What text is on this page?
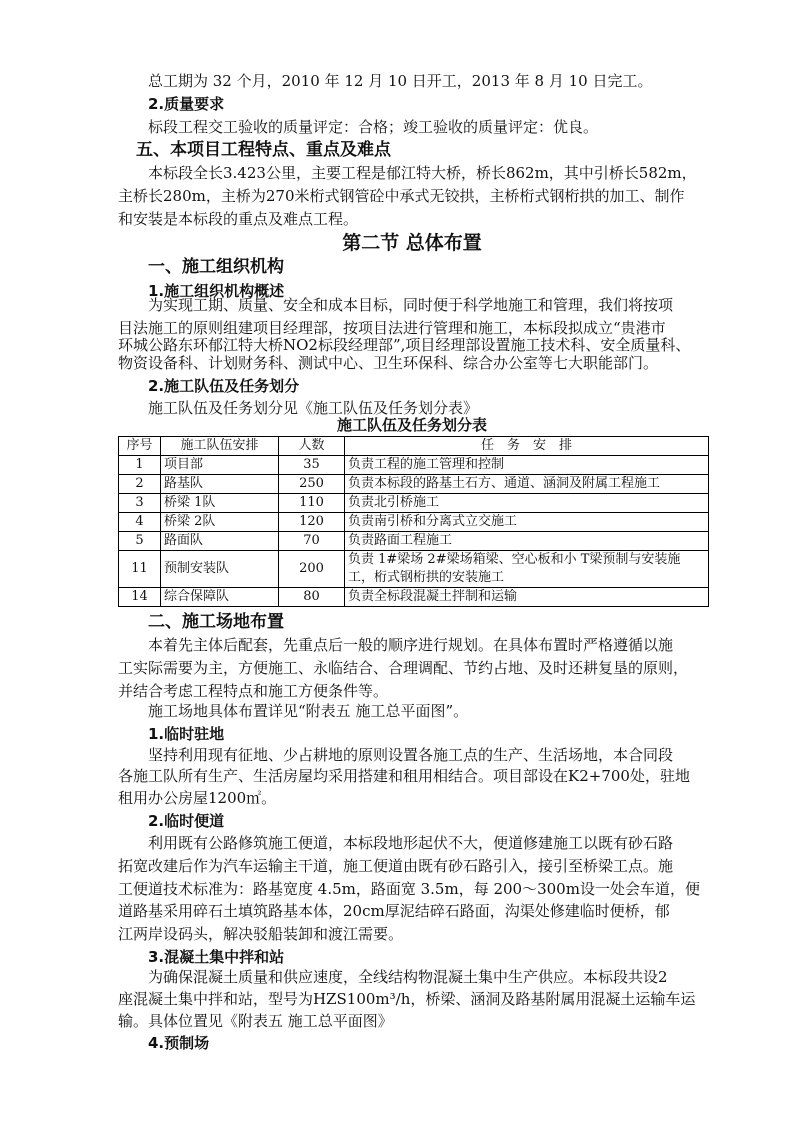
总工期为 32 个月，2010 年 12 月 10 日开工，2013 年 8 月 10 日完工。
2.质量要求
标段工程交工验收的质量评定：合格；竣工验收的质量评定：优良。
五、本项目工程特点、重点及难点
本标段全长3.423公里，主要工程是郁江特大桥，桥长862m，其中引桥长582m，
主桥长280m，主桥为270米桁式钢管砼中承式无铰拱，主桥桁式钢桁拱的加工、制作
和安装是本标段的重点及难点工程。
第二节 总体布置
一、施工组织机构
1.施工组织机构概述
为实现工期、质量、安全和成本目标，同时便于科学地施工和管理，我们将按项
目法施工的原则组建项目经理部，按项目法进行管理和施工，本标段拟成立“贵港市
环城公路东环郁江特大桥NO2标段经理部”,项目经理部设置施工技术科、安全质量科、
物资设备科、计划财务科、测试中心、卫生环保科、综合办公室等七大职能部门。
2.施工队伍及任务划分
施工队伍及任务划分见《施工队伍及任务划分表》
施工队伍及任务划分表
序号	施工队伍安排	人数	任　务　安　排
1	项目部	35	负责工程的施工管理和控制
2	路基队	250	负责本标段的路基土石方、通道、涵洞及附属工程施工
3	桥梁 1队	110	负责北引桥施工
4	桥梁 2队	120	负责南引桥和分离式立交施工
5	路面队	70	负责路面工程施工
11	预制安装队	200	负责 1#梁场 2#梁场箱梁、空心板和小 T梁预制与安装施
工，桁式钢桁拱的安装施工

14	综合保障队	80	负责全标段混凝土拌制和运输
二、施工场地布置
本着先主体后配套，先重点后一般的顺序进行规划。在具体布置时严格遵循以施
工实际需要为主，方便施工、永临结合、合理调配、节约占地、及时还耕复垦的原则，
并结合考虑工程特点和施工方便条件等。
施工场地具体布置详见“附表五 施工总平面图”。
1.临时驻地
坚持利用现有征地、少占耕地的原则设置各施工点的生产、生活场地，本合同段
各施工队所有生产、生活房屋均采用搭建和租用相结合。项目部设在K2+700处，驻地
租用办公房屋1200㎡。
2.临时便道
利用既有公路修筑施工便道，本标段地形起伏不大，便道修建施工以既有砂石路
拓宽改建后作为汽车运输主干道，施工便道由既有砂石路引入，接引至桥梁工点。施
工便道技术标准为：路基宽度 4.5m，路面宽 3.5m，每 200～300m设一处会车道，便
道路基采用碎石土填筑路基本体，20cm厚泥结碎石路面，沟渠处修建临时便桥，郁
江两岸设码头，解决驳船装卸和渡江需要。
3.混凝土集中拌和站
为确保混凝土质量和供应速度，全线结构物混凝土集中生产供应。本标段共设2
座混凝土集中拌和站，型号为HZS100m³/h，桥梁、涵洞及路基附属用混凝土运输车运
输。具体位置见《附表五 施工总平面图》
4.预制场
